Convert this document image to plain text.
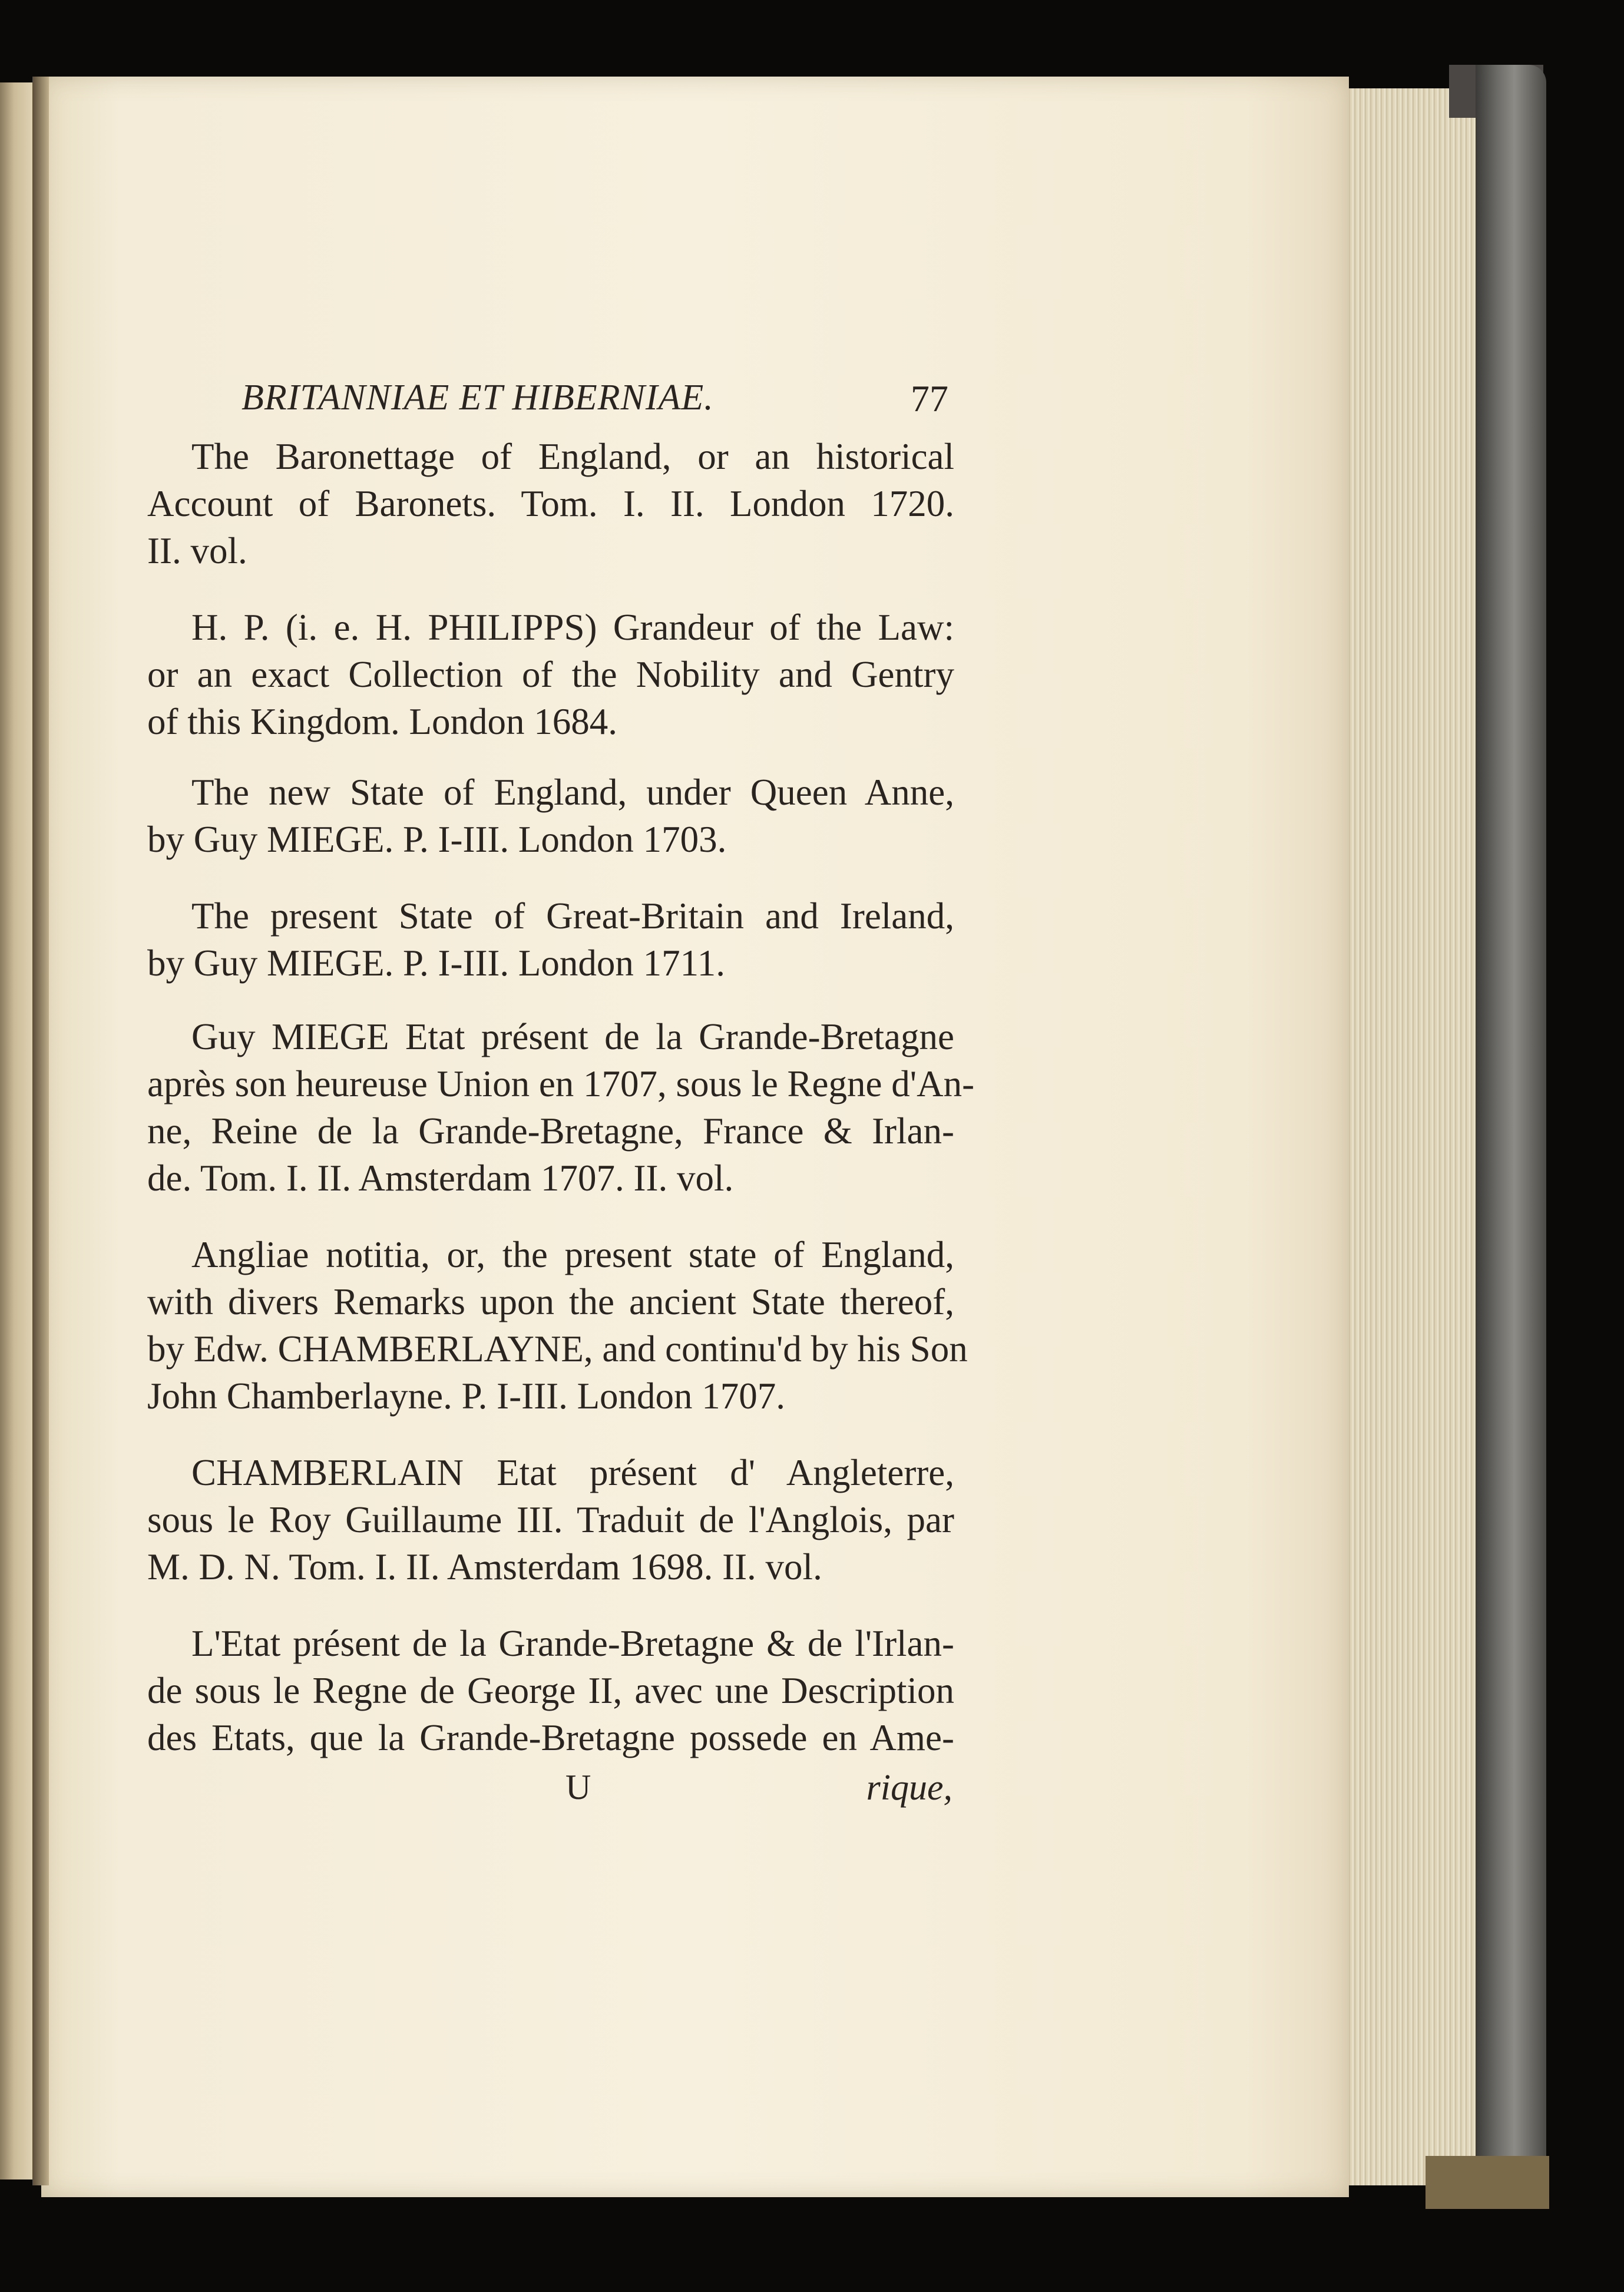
BRITANNIAE ET HIBERNIAE.	77
The Baronettage of England, or an historical
Account of Baronets. Tom. I. II. London 1720.
II. vol.
H. P. (i. e. H. PHILIPPS) Grandeur of the Law:
or an exact Collection of the Nobility and Gentry
of this Kingdom. London 1684.
The new State of England, under Queen Anne,
by Guy MIEGE. P. I-III. London 1703.
The present State of Great-Britain and Ireland,
by Guy MIEGE. P. I-III. London 1711.
Guy MIEGE Etat présent de la Grande-Bretagne
après son heureuse Union en 1707, sous le Regne d'An-
ne, Reine de la Grande-Bretagne, France & Irlan-
de. Tom. I. II. Amsterdam 1707. II. vol.
Angliae notitia, or, the present state of England,
with divers Remarks upon the ancient State thereof,
by Edw. CHAMBERLAYNE, and continu'd by his Son
John Chamberlayne. P. I-III. London 1707.
CHAMBERLAIN Etat présent d' Angleterre,
sous le Roy Guillaume III. Traduit de l'Anglois, par
M. D. N. Tom. I. II. Amsterdam 1698. II. vol.
L'Etat présent de la Grande-Bretagne & de l'Irlan-
de sous le Regne de George II, avec une Description
des Etats, que la Grande-Bretagne possede en Ame-
U	rique,
